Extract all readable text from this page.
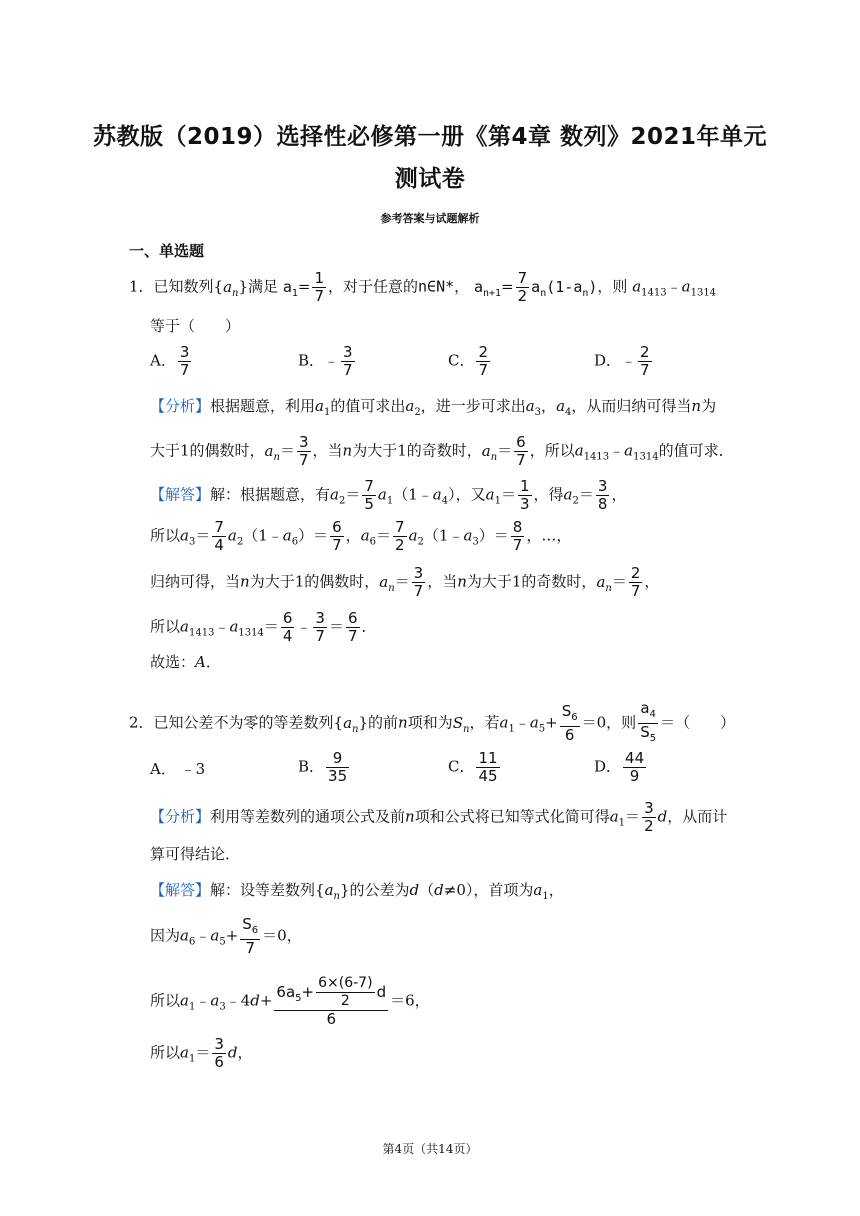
苏教版（2019）选择性必修第一册《第4章 数列》2021年单元
测试卷
参考答案与试题解析
一、单选题
1．已知数列$\{a_n\}$满足 $a_1= \frac{1}{7}$ ，对于任意的n∈N*， $a_{n+1}= \frac{7}{2} a_n(1-a_n)$，则 $a_{1413}﹣a_{1314}$
等于（　　）
A． $\frac{3}{7}$	B．﹣ $\frac{3}{7}$	C． $\frac{2}{7}$	D．﹣ $\frac{2}{7}$
【分析】根据题意，利用$a_1$的值可求出$a_2$，进一步可求出$a_3$，$a_4$，从而归纳可得当n为
大于1的偶数时，$a_n= \frac{3}{7}$ ，当n为大于1的奇数时，$a_n= \frac{6}{7}$ ，所以$a_{1413}﹣a_{1314}$的值可求．
【解答】解：根据题意，有$a_2= \frac{7}{5}$ $a_1(1﹣a_4)$，又$a_1= \frac{1}{3}$ ，得$a_2= \frac{3}{8}$ ，
所以$a_3= \frac{7}{4}$ $a_2(1﹣a_6)= \frac{6}{7}$ ，$a_6= \frac{7}{2}$ $a_2(1﹣a_3)= \frac{8}{7}$ ，…，
归纳可得，当n为大于1的偶数时，$a_n= \frac{3}{7}$ ，当n为大于1的奇数时，$a_n= \frac{2}{7}$ ，
所以$a_{1413}﹣a_{1314}= \frac{6}{4}$ ﹣ $\frac{3}{7} = \frac{6}{7}$ ．
故选：A．
2．已知公差不为零的等差数列$\{a_n\}$的前n项和为$S_n$，若$a_1﹣a_5+ \frac{S_6}{6} =0$，则 $\frac{a_4}{S_5}$ ＝（　　）
A． ﹣3	B． $\frac{9}{35}$	C． $\frac{11}{45}$	D． $\frac{44}{9}$
【分析】利用等差数列的通项公式及前n项和公式将已知等式化简可得$a_1= \frac{3}{2}$ d，从而计
算可得结论．
【解答】解：设等差数列$\{a_n\}$的公差为d（d≠0），首项为$a_1$，
因为$a_6﹣a_5+ \frac{S_6}{7} =0$，
所以$a_1﹣a_3﹣4d+ \frac{6a_5+ \frac{6\times(6-7)}{2} d}{6} =6$，
所以$a_1= \frac{3}{6}$ d，
第4页（共14页）
